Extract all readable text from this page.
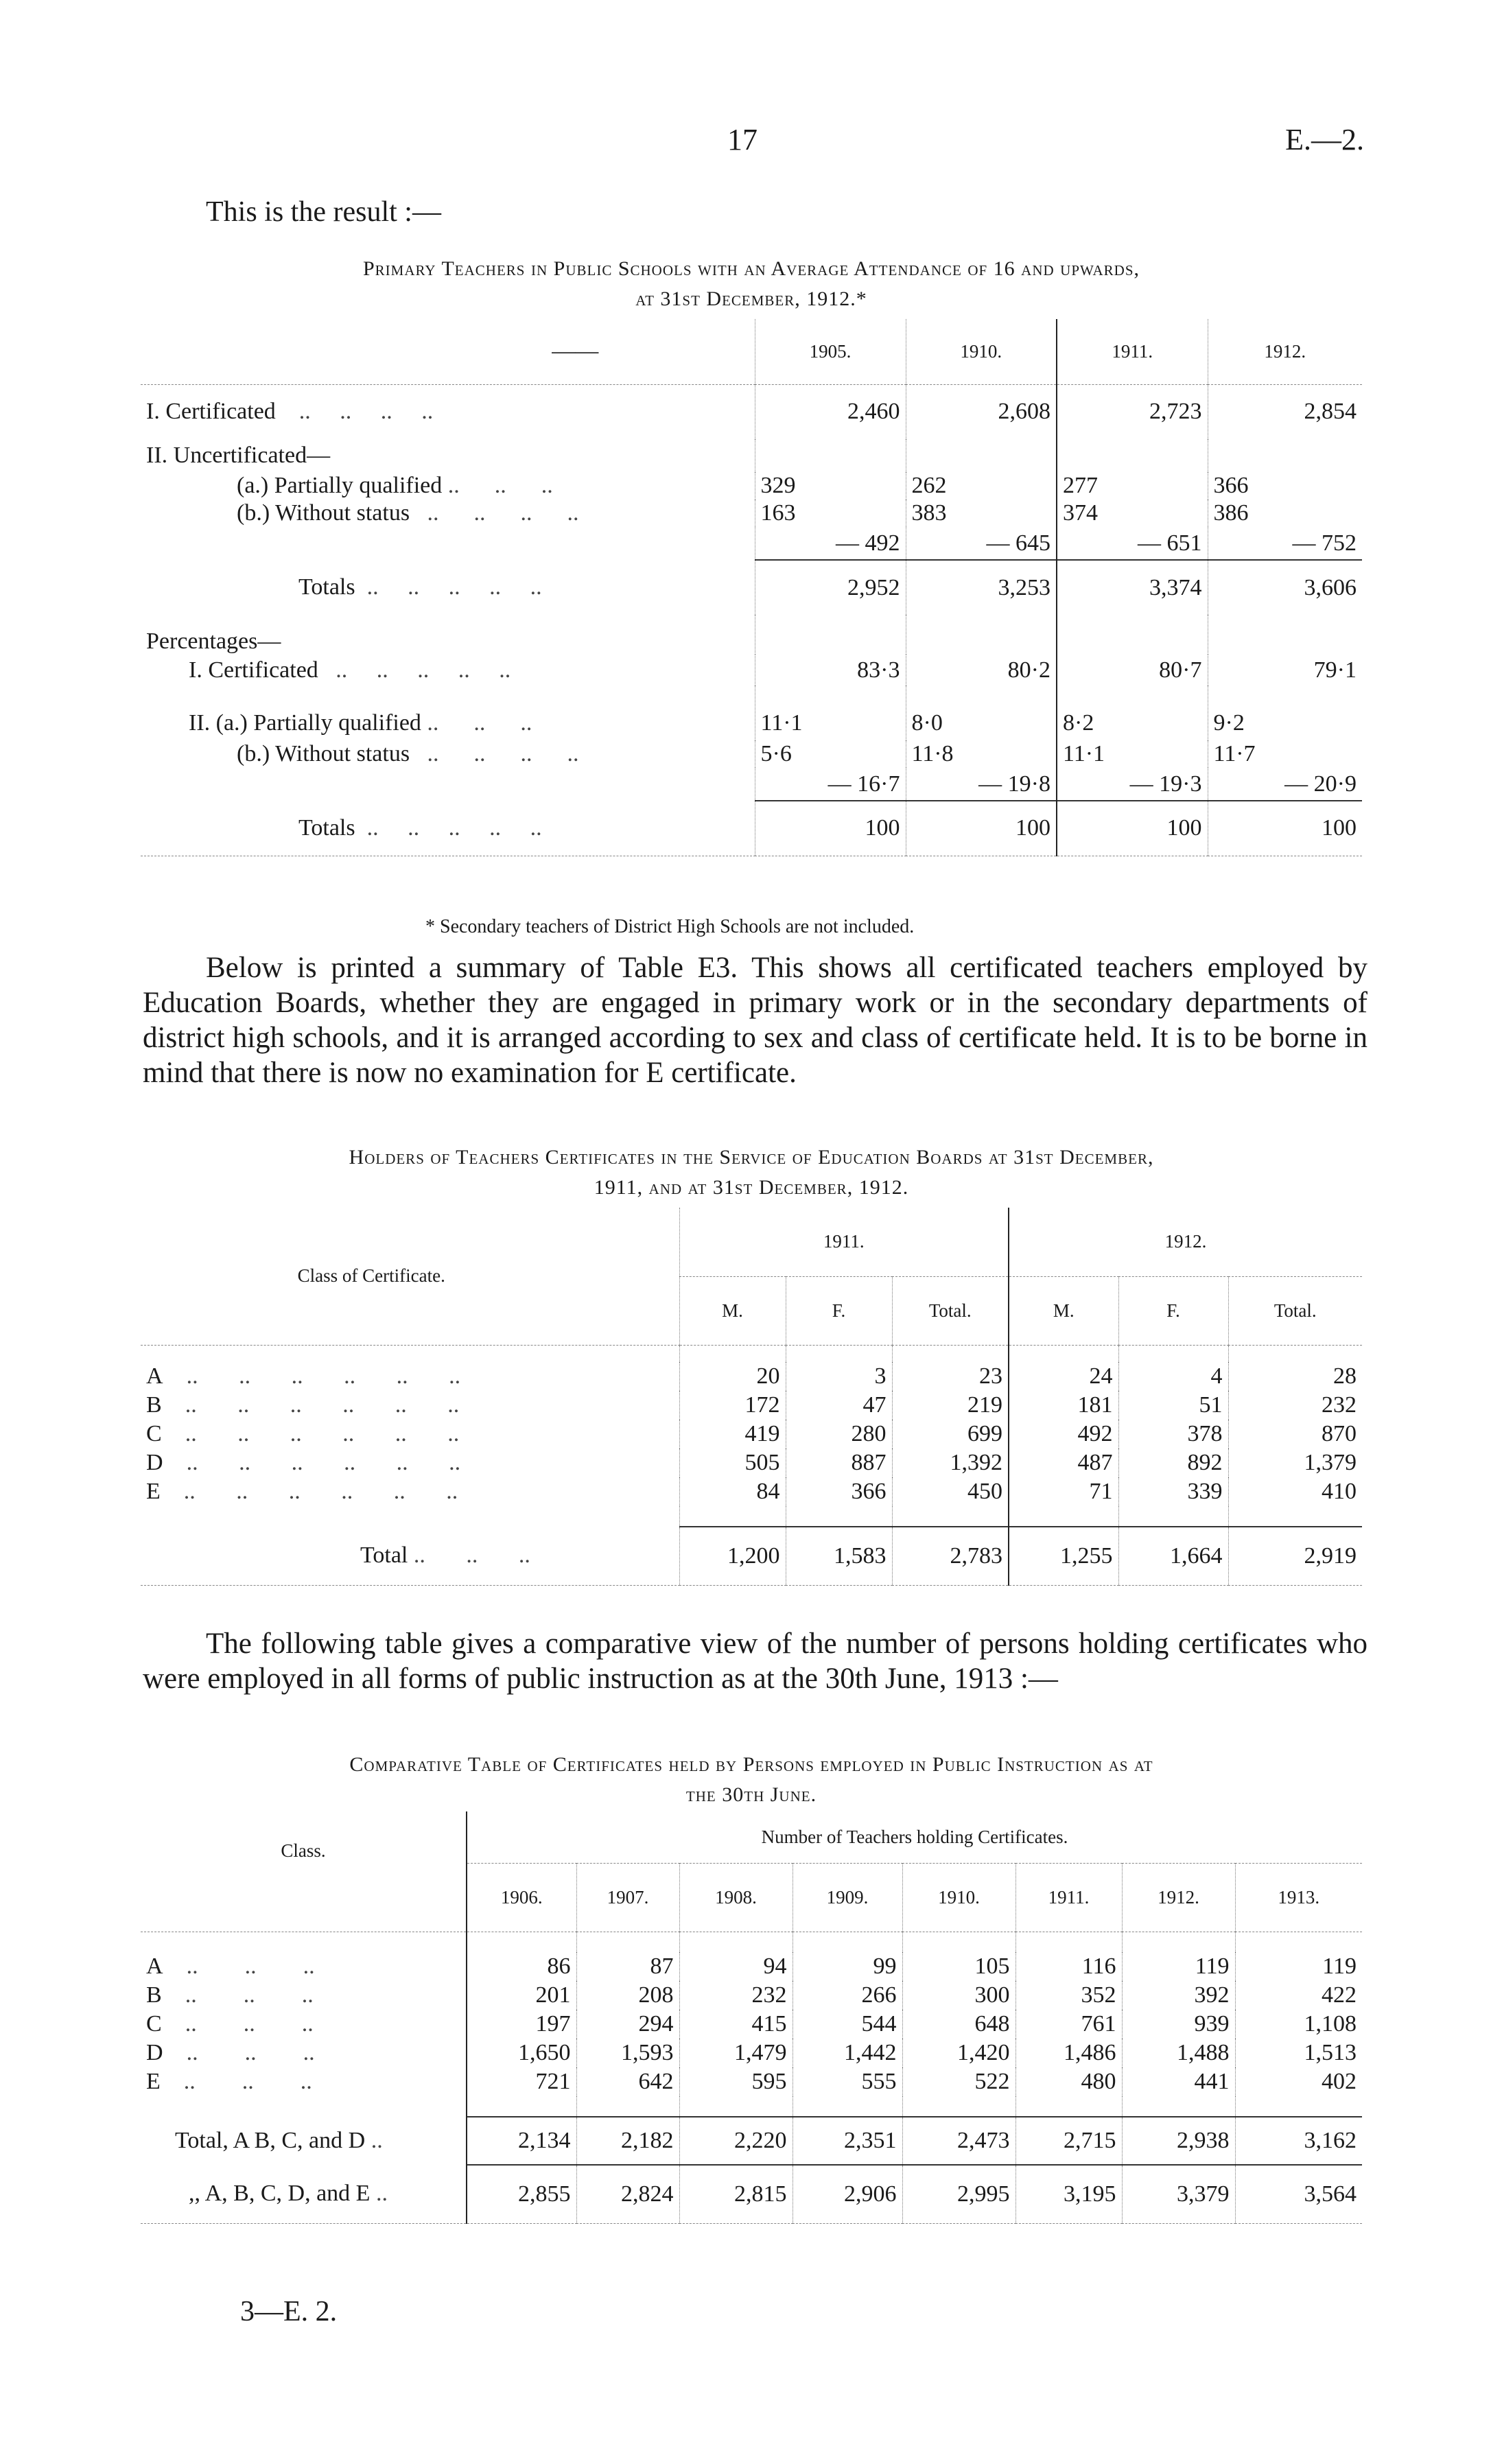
17	E.—2.
This is the result :—
Primary Teachers in Public Schools with an Average Attendance of 16 and upwards,
at 31st December, 1912.*
——	1905.	1910.	1911.	1912.
I. Certificated    ..     ..     ..     ..	2,460	2,608	2,723	2,854
II. Uncertificated—				
(a.) Partially qualified ..      ..      ..	329	262	277	366
(b.) Without status   ..      ..      ..      ..	163	383	374	386
	— 492	— 645	— 651	— 752
Totals  ..     ..     ..     ..     ..	2,952	3,253	3,374	3,606
Percentages—				
I. Certificated   ..     ..     ..     ..     ..	83·3	80·2	80·7	79·1
II. (a.) Partially qualified ..      ..      ..	11·1	8·0	8·2	9·2
(b.) Without status   ..      ..      ..      ..	5·6	11·8	11·1	11·7
	— 16·7	— 19·8	— 19·3	— 20·9
Totals  ..     ..     ..     ..     ..	100	100	100	100
* Secondary teachers of District High Schools are not included.
Below is printed a summary of Table E3. This shows all certificated teachers employed by Education Boards, whether they are engaged in primary work or in the secondary departments of district high schools, and it is arranged according to sex and class of certificate held. It is to be borne in mind that there is now no examination for E certificate.
Holders of Teachers Certificates in the Service of Education Boards at 31st December,
1911, and at 31st December, 1912.
Class of Certificate.	1911.			1912.		
	M.	F.	Total.	M.	F.	Total.

A    ..       ..       ..       ..       ..       ..	20	3	23	24	4	28
B    ..       ..       ..       ..       ..       ..	172	47	219	181	51	232
C    ..       ..       ..       ..       ..       ..	419	280	699	492	378	870
D    ..       ..       ..       ..       ..       ..	505	887	1,392	487	892	1,379
E    ..       ..       ..       ..       ..       ..	84	366	450	71	339	410

Total ..       ..       ..	1,200	1,583	2,783	1,255	1,664	2,919
The following table gives a comparative view of the number of persons holding certificates who were employed in all forms of public instruction as at the 30th June, 1913 :—
Comparative Table of Certificates held by Persons employed in Public Instruction as at
the 30th June.
Class.	Number of Teachers holding Certificates.							
	1906.	1907.	1908.	1909.	1910.	1911.	1912.	1913.

A    ..        ..        ..	86	87	94	99	105	116	119	119
B    ..        ..        ..	201	208	232	266	300	352	392	422
C    ..        ..        ..	197	294	415	544	648	761	939	1,108
D    ..        ..        ..	1,650	1,593	1,479	1,442	1,420	1,486	1,488	1,513
E    ..        ..        ..	721	642	595	555	522	480	441	402

Total, A B, C, and D ..	2,134	2,182	2,220	2,351	2,473	2,715	2,938	3,162
,, A, B, C, D, and E ..	2,855	2,824	2,815	2,906	2,995	3,195	3,379	3,564
3—E. 2.
